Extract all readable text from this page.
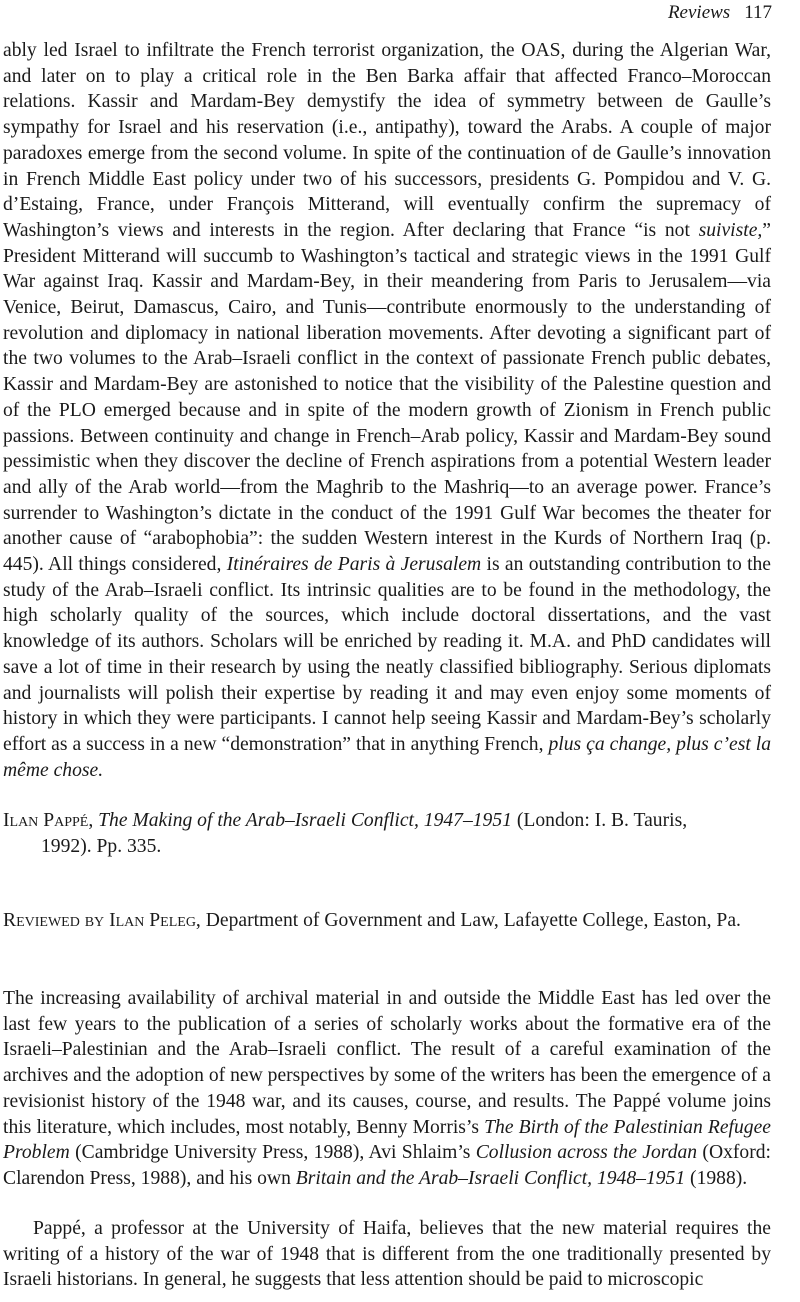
Reviews 117

ably led Israel to infiltrate the French terrorist organization, the OAS, during the Algerian War, and later on to play a critical role in the Ben Barka affair that affected Franco–Moroccan relations. Kassir and Mardam-Bey demystify the idea of symmetry between de Gaulle’s sympathy for Israel and his reservation (i.e., antipathy), toward the Arabs. A couple of major paradoxes emerge from the second volume. In spite of the continuation of de Gaulle’s innovation in French Middle East policy under two of his successors, presidents G. Pompidou and V. G. d’Estaing, France, under François Mitterand, will eventually confirm the supremacy of Washington’s views and interests in the region. After declaring that France “is not suiviste,” President Mitterand will succumb to Washington’s tactical and strategic views in the 1991 Gulf War against Iraq. Kassir and Mardam-Bey, in their meandering from Paris to Jerusalem—via Venice, Beirut, Damascus, Cairo, and Tunis—contribute enormously to the understanding of revolution and diplomacy in national liberation movements. After devoting a significant part of the two volumes to the Arab–Israeli conflict in the context of passionate French public debates, Kassir and Mardam-Bey are astonished to notice that the visibility of the Palestine question and of the PLO emerged because and in spite of the modern growth of Zionism in French public passions. Between continuity and change in French–Arab policy, Kassir and Mardam-Bey sound pessimistic when they discover the decline of French aspirations from a potential Western leader and ally of the Arab world—from the Maghrib to the Mashriq—to an average power. France’s surrender to Washington’s dictate in the conduct of the 1991 Gulf War becomes the theater for another cause of “arabophobia”: the sudden Western interest in the Kurds of Northern Iraq (p. 445). All things considered, Itinéraires de Paris à Jerusalem is an outstanding contribution to the study of the Arab–Israeli conflict. Its intrinsic qualities are to be found in the methodology, the high scholarly quality of the sources, which include doctoral dissertations, and the vast knowledge of its authors. Scholars will be enriched by reading it. M.A. and PhD candidates will save a lot of time in their research by using the neatly classified bibliography. Serious diplomats and journalists will polish their expertise by reading it and may even enjoy some moments of history in which they were participants. I cannot help seeing Kassir and Mardam-Bey’s scholarly effort as a success in a new “demonstration” that in anything French, plus ça change, plus c’est la même chose.

Ilan Pappé, The Making of the Arab–Israeli Conflict, 1947–1951 (London: I. B. Tauris,
1992). Pp. 335.

Reviewed by Ilan Peleg, Department of Government and Law, Lafayette College, Easton, Pa.

The increasing availability of archival material in and outside the Middle East has led over the last few years to the publication of a series of scholarly works about the formative era of the Israeli–Palestinian and the Arab–Israeli conflict. The result of a careful examination of the archives and the adoption of new perspectives by some of the writers has been the emergence of a revisionist history of the 1948 war, and its causes, course, and results. The Pappé volume joins this literature, which includes, most notably, Benny Morris’s The Birth of the Palestinian Refugee Problem (Cambridge University Press, 1988), Avi Shlaim’s Collusion across the Jordan (Oxford: Clarendon Press, 1988), and his own Britain and the Arab–Israeli Conflict, 1948–1951 (1988).

Pappé, a professor at the University of Haifa, believes that the new material requires the writing of a history of the war of 1948 that is different from the one traditionally presented by Israeli historians. In general, he suggests that less attention should be paid to microscopic
